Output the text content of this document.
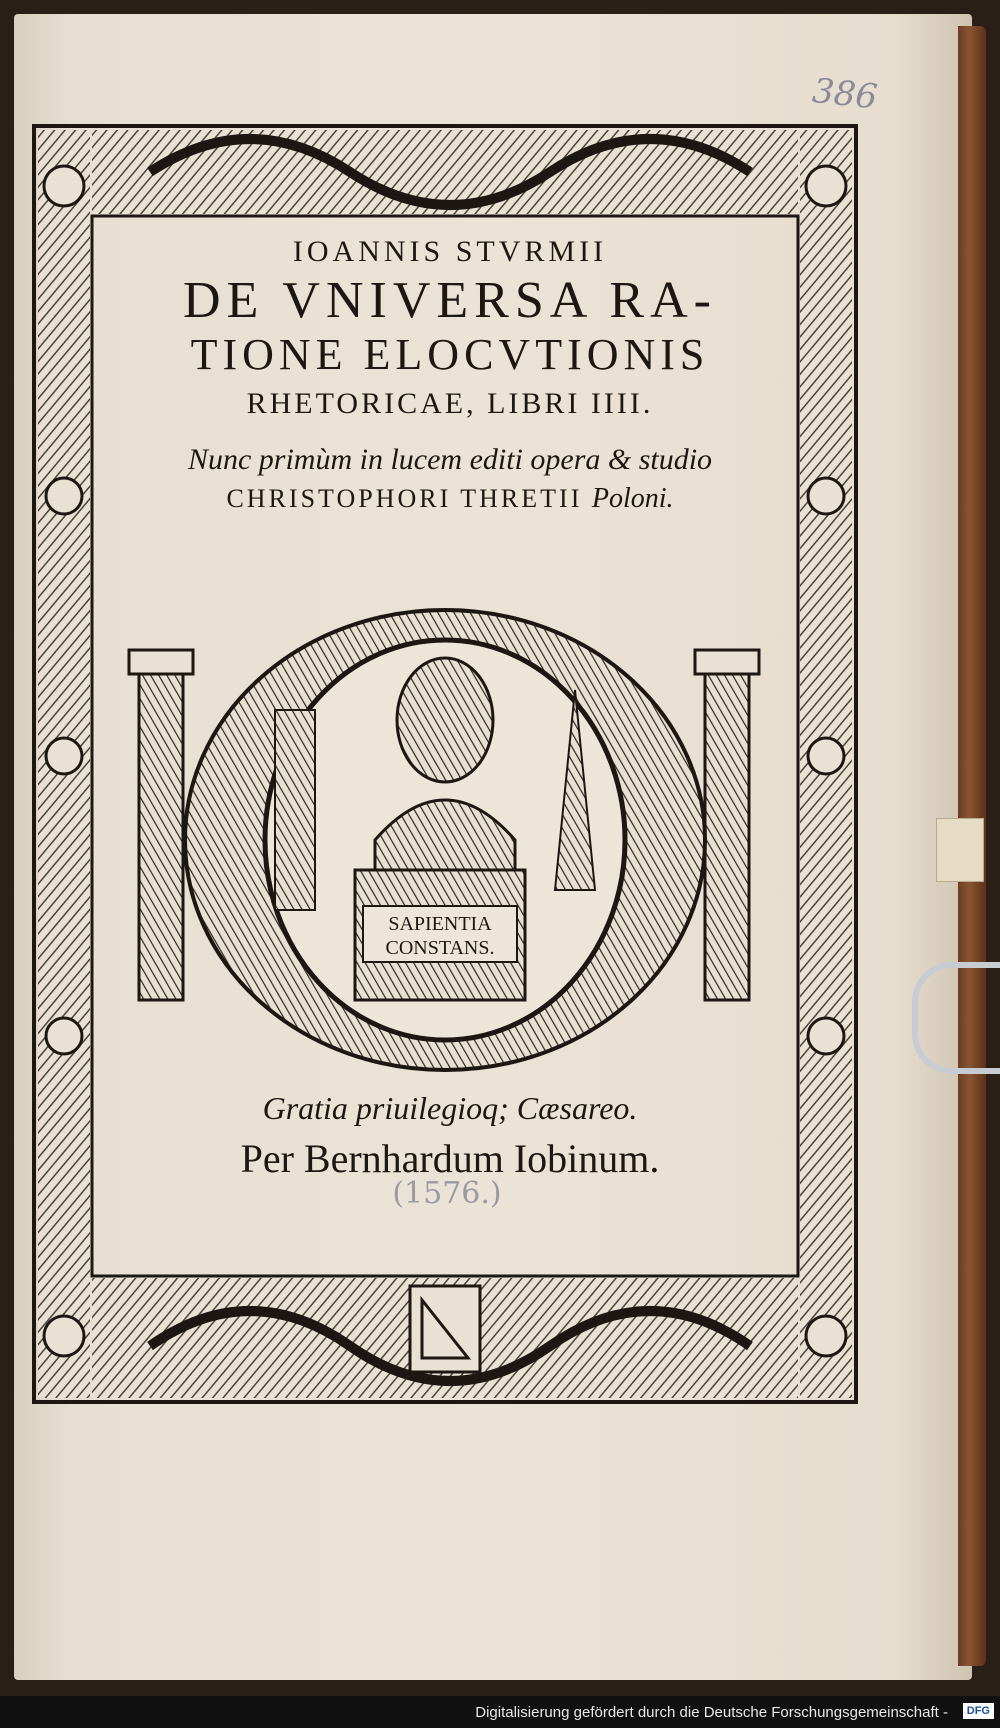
386

IOANNIS STVRMII

DE VNIVERSA RA-

TIONE ELOCVTIONIS

RHETORICAE, LIBRI IIII.

Nunc primùm in lucem editi opera & studio

CHRISTOPHORI THRETII Poloni.

SAPIENTIA
CONSTANS.

Gratia priuilegioq; Cæsareo.

Per Bernhardum Iobinum.

(1576.)
Digitalisierung gefördert durch die Deutsche Forschungsgemeinschaft -	DFG
